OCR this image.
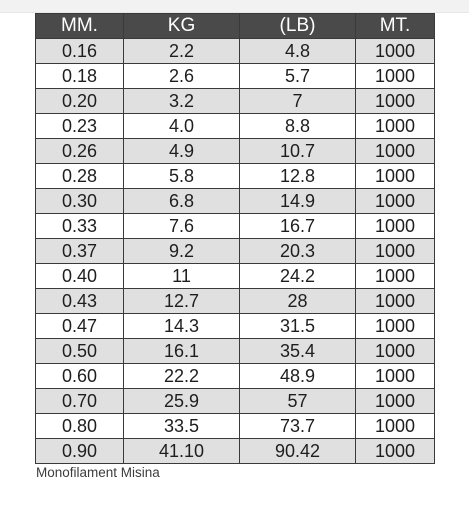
MM.	KG	(LB)	MT.
0.16	2.2	4.8	1000
0.18	2.6	5.7	1000
0.20	3.2	7	1000
0.23	4.0	8.8	1000
0.26	4.9	10.7	1000
0.28	5.8	12.8	1000
0.30	6.8	14.9	1000
0.33	7.6	16.7	1000
0.37	9.2	20.3	1000
0.40	11	24.2	1000
0.43	12.7	28	1000
0.47	14.3	31.5	1000
0.50	16.1	35.4	1000
0.60	22.2	48.9	1000
0.70	25.9	57	1000
0.80	33.5	73.7	1000
0.90	41.10	90.42	1000
Monofilament Misina
